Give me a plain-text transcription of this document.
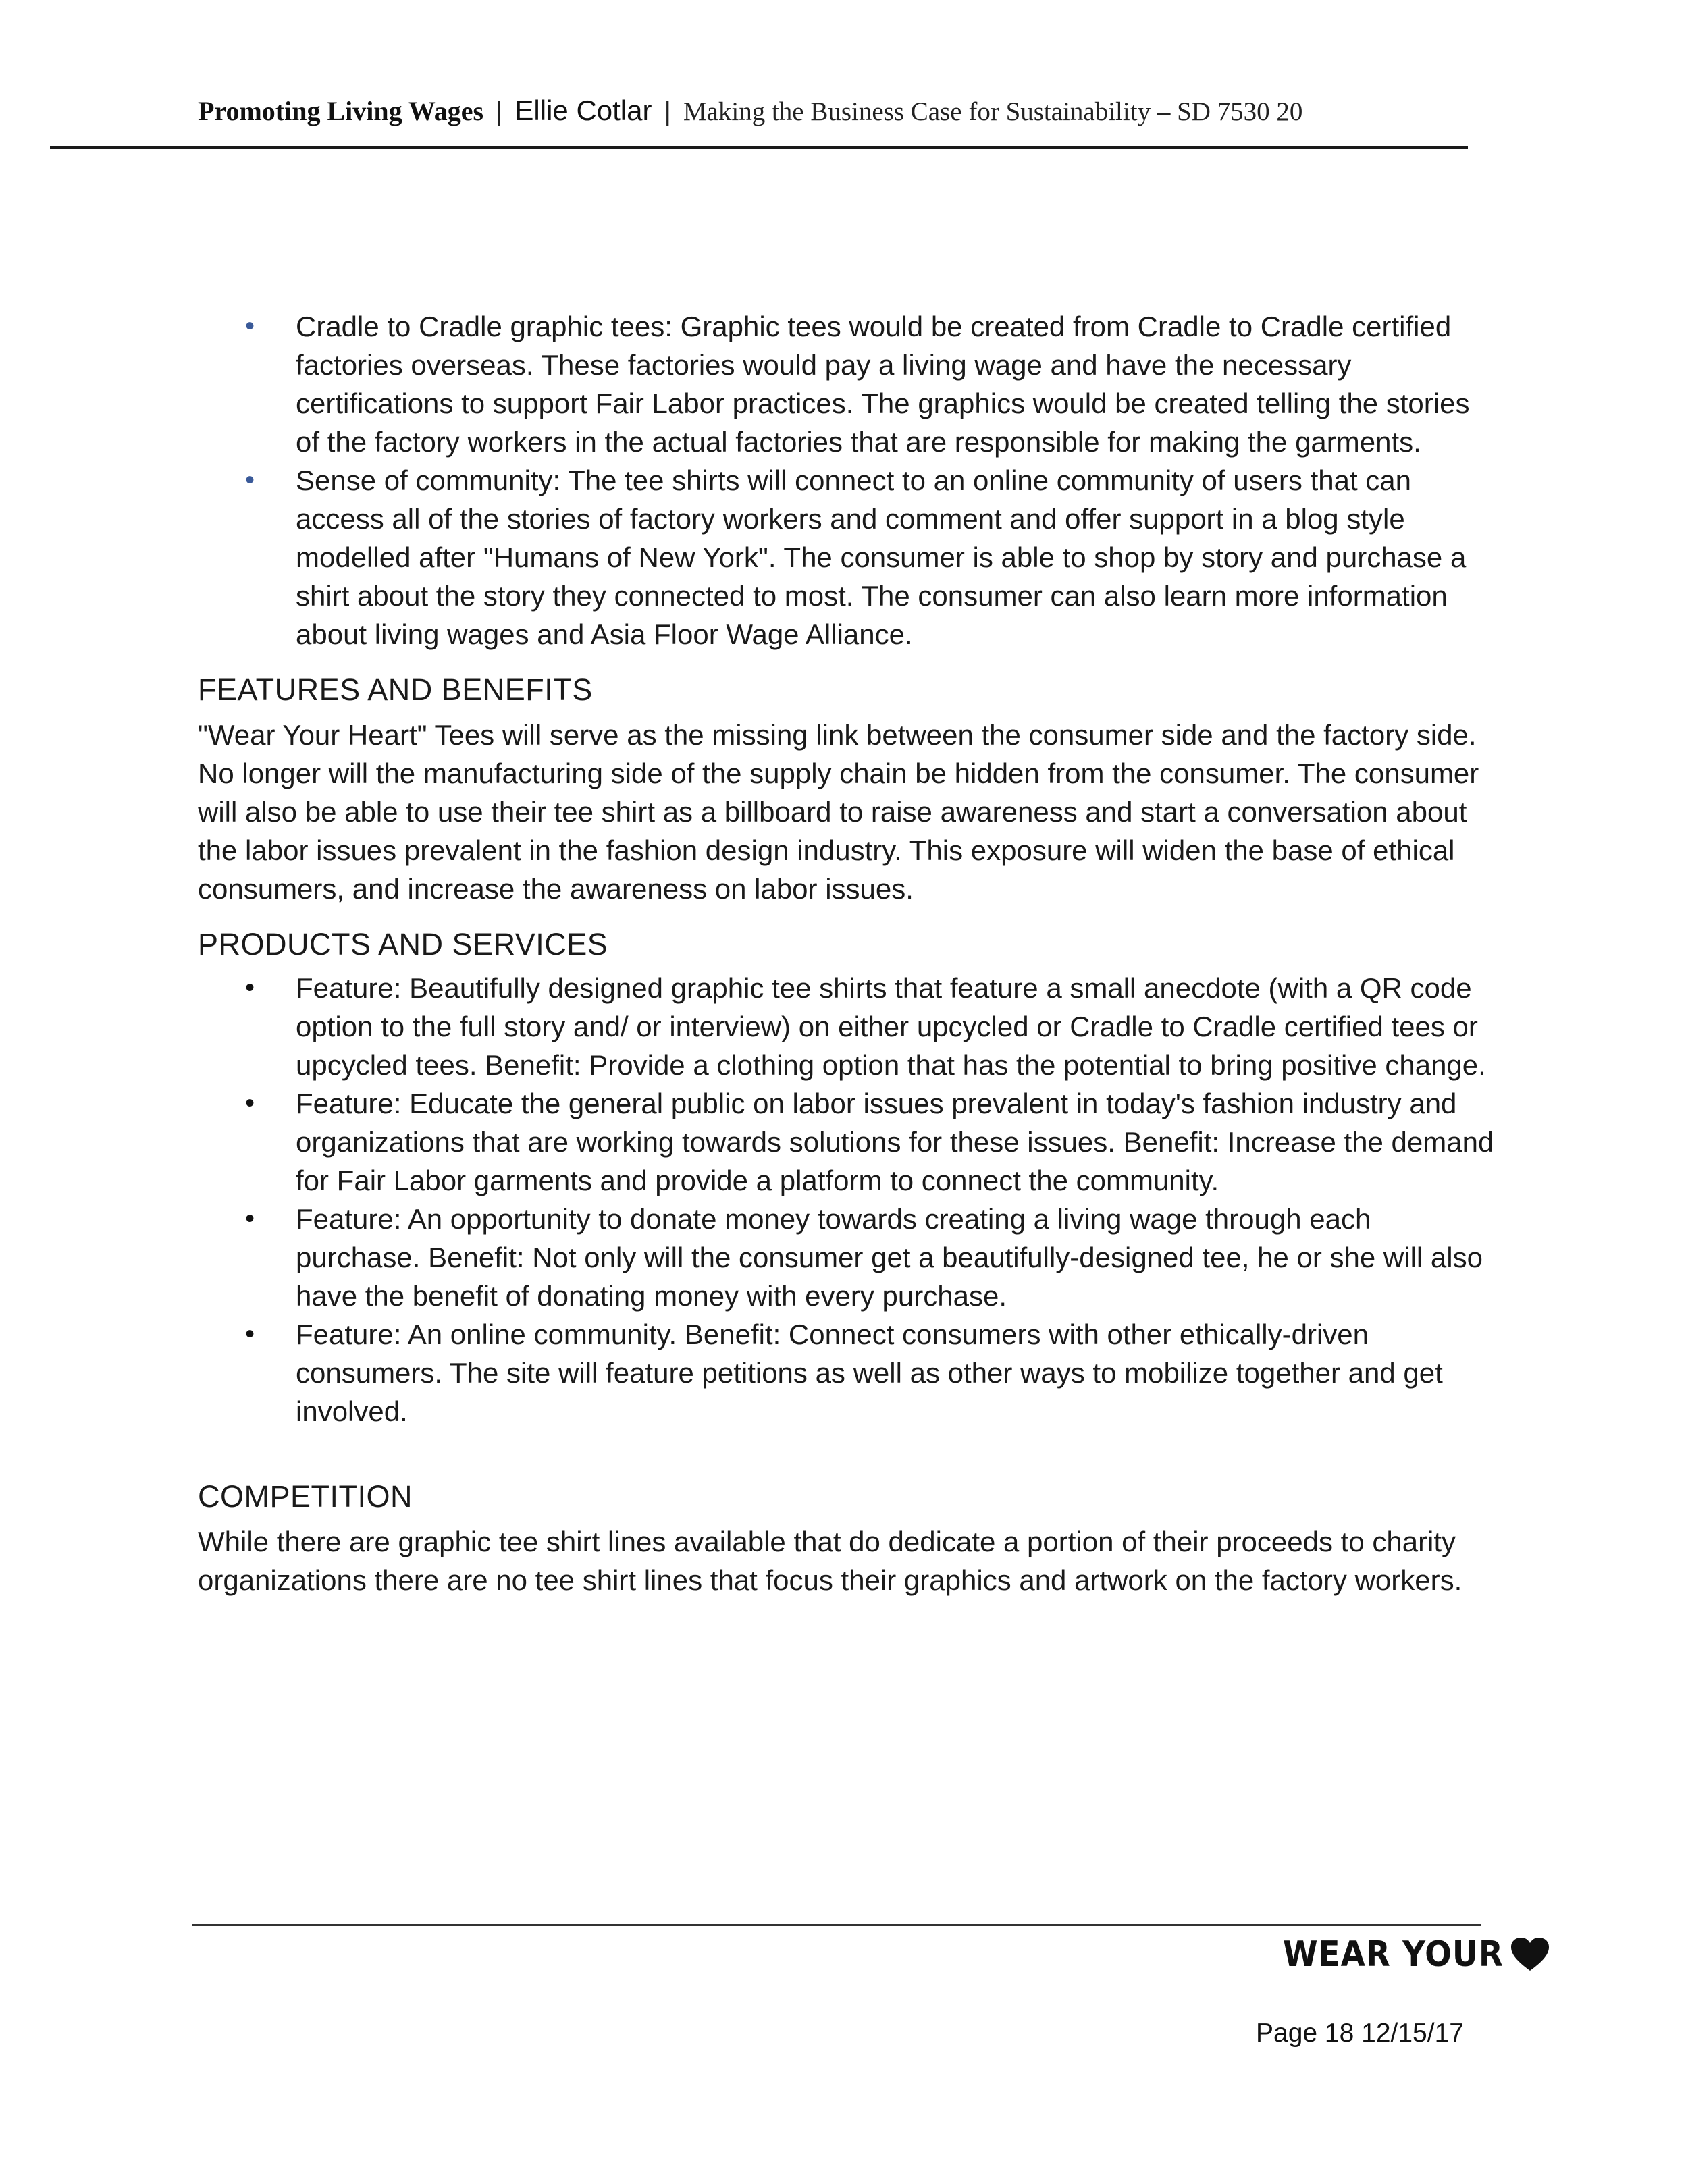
Promoting Living Wages | Ellie Cotlar | Making the Business Case for Sustainability – SD 7530 20
• Cradle to Cradle graphic tees: Graphic tees would be created from Cradle to Cradle certified factories overseas. These factories would pay a living wage and have the necessary certifications to support Fair Labor practices. The graphics would be created telling the stories of the factory workers in the actual factories that are responsible for making the garments.
• Sense of community: The tee shirts will connect to an online community of users that can access all of the stories of factory workers and comment and offer support in a blog style modelled after "Humans of New York". The consumer is able to shop by story and purchase a shirt about the story they connected to most. The consumer can also learn more information about living wages and Asia Floor Wage Alliance.
FEATURES AND BENEFITS

"Wear Your Heart" Tees will serve as the missing link between the consumer side and the factory side. No longer will the manufacturing side of the supply chain be hidden from the consumer. The consumer will also be able to use their tee shirt as a billboard to raise awareness and start a conversation about the labor issues prevalent in the fashion design industry. This exposure will widen the base of ethical consumers, and increase the awareness on labor issues.

PRODUCTS AND SERVICES
• Feature: Beautifully designed graphic tee shirts that feature a small anecdote (with a QR code option to the full story and/ or interview) on either upcycled or Cradle to Cradle certified tees or upcycled tees. Benefit: Provide a clothing option that has the potential to bring positive change.
• Feature: Educate the general public on labor issues prevalent in today's fashion industry and organizations that are working towards solutions for these issues. Benefit: Increase the demand for Fair Labor garments and provide a platform to connect the community.
• Feature: An opportunity to donate money towards creating a living wage through each purchase. Benefit: Not only will the consumer get a beautifully-designed tee, he or she will also have the benefit of donating money with every purchase.
• Feature: An online community. Benefit: Connect consumers with other ethically-driven consumers. The site will feature petitions as well as other ways to mobilize together and get involved.
COMPETITION

While there are graphic tee shirt lines available that do dedicate a portion of their proceeds to charity organizations there are no tee shirt lines that focus their graphics and artwork on the factory workers.

WEAR YOUR
Page 18 12/15/17
